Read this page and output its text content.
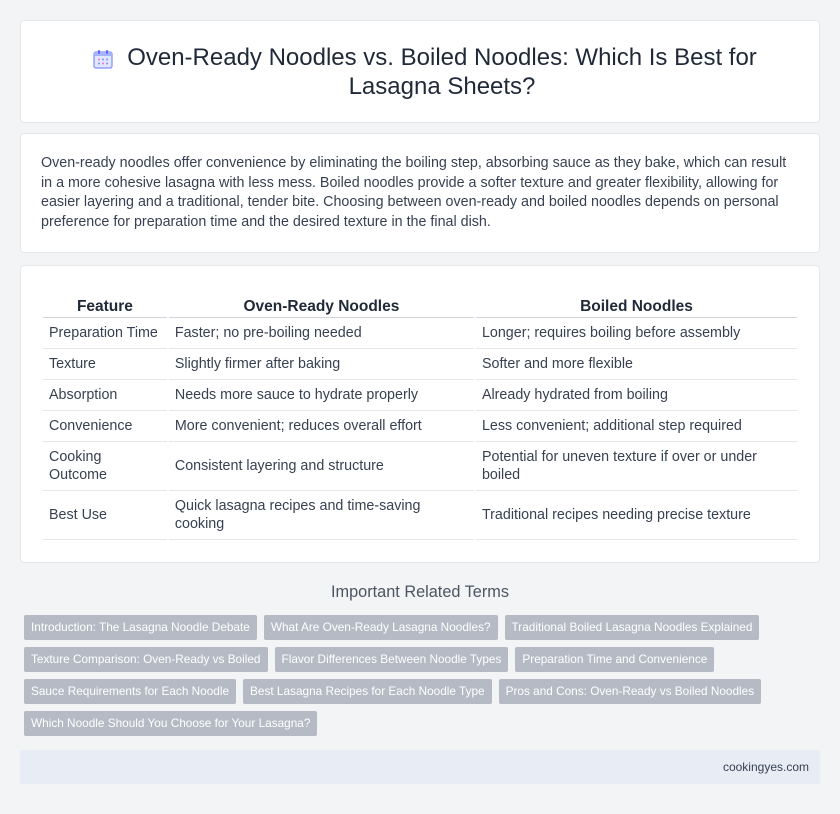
Oven-Ready Noodles vs. Boiled Noodles: Which Is Best for Lasagna Sheets?

Oven-ready noodles offer convenience by eliminating the boiling step, absorbing sauce as they bake, which can result in a more cohesive lasagna with less mess. Boiled noodles provide a softer texture and greater flexibility, allowing for easier layering and a traditional, tender bite. Choosing between oven-ready and boiled noodles depends on personal preference for preparation time and the desired texture in the final dish.

Feature	Oven-Ready Noodles	Boiled Noodles
Preparation Time	Faster; no pre-boiling needed	Longer; requires boiling before assembly
Texture	Slightly firmer after baking	Softer and more flexible
Absorption	Needs more sauce to hydrate properly	Already hydrated from boiling
Convenience	More convenient; reduces overall effort	Less convenient; additional step required
Cooking Outcome	Consistent layering and structure	Potential for uneven texture if over or under boiled
Best Use	Quick lasagna recipes and time-saving cooking	Traditional recipes needing precise texture
Important Related Terms
Introduction: The Lasagna Noodle Debate	What Are Oven-Ready Lasagna Noodles?	Traditional Boiled Lasagna Noodles Explained
Texture Comparison: Oven-Ready vs Boiled	Flavor Differences Between Noodle Types	Preparation Time and Convenience
Sauce Requirements for Each Noodle	Best Lasagna Recipes for Each Noodle Type	Pros and Cons: Oven-Ready vs Boiled Noodles
Which Noodle Should You Choose for Your Lasagna?
cookingyes.com
